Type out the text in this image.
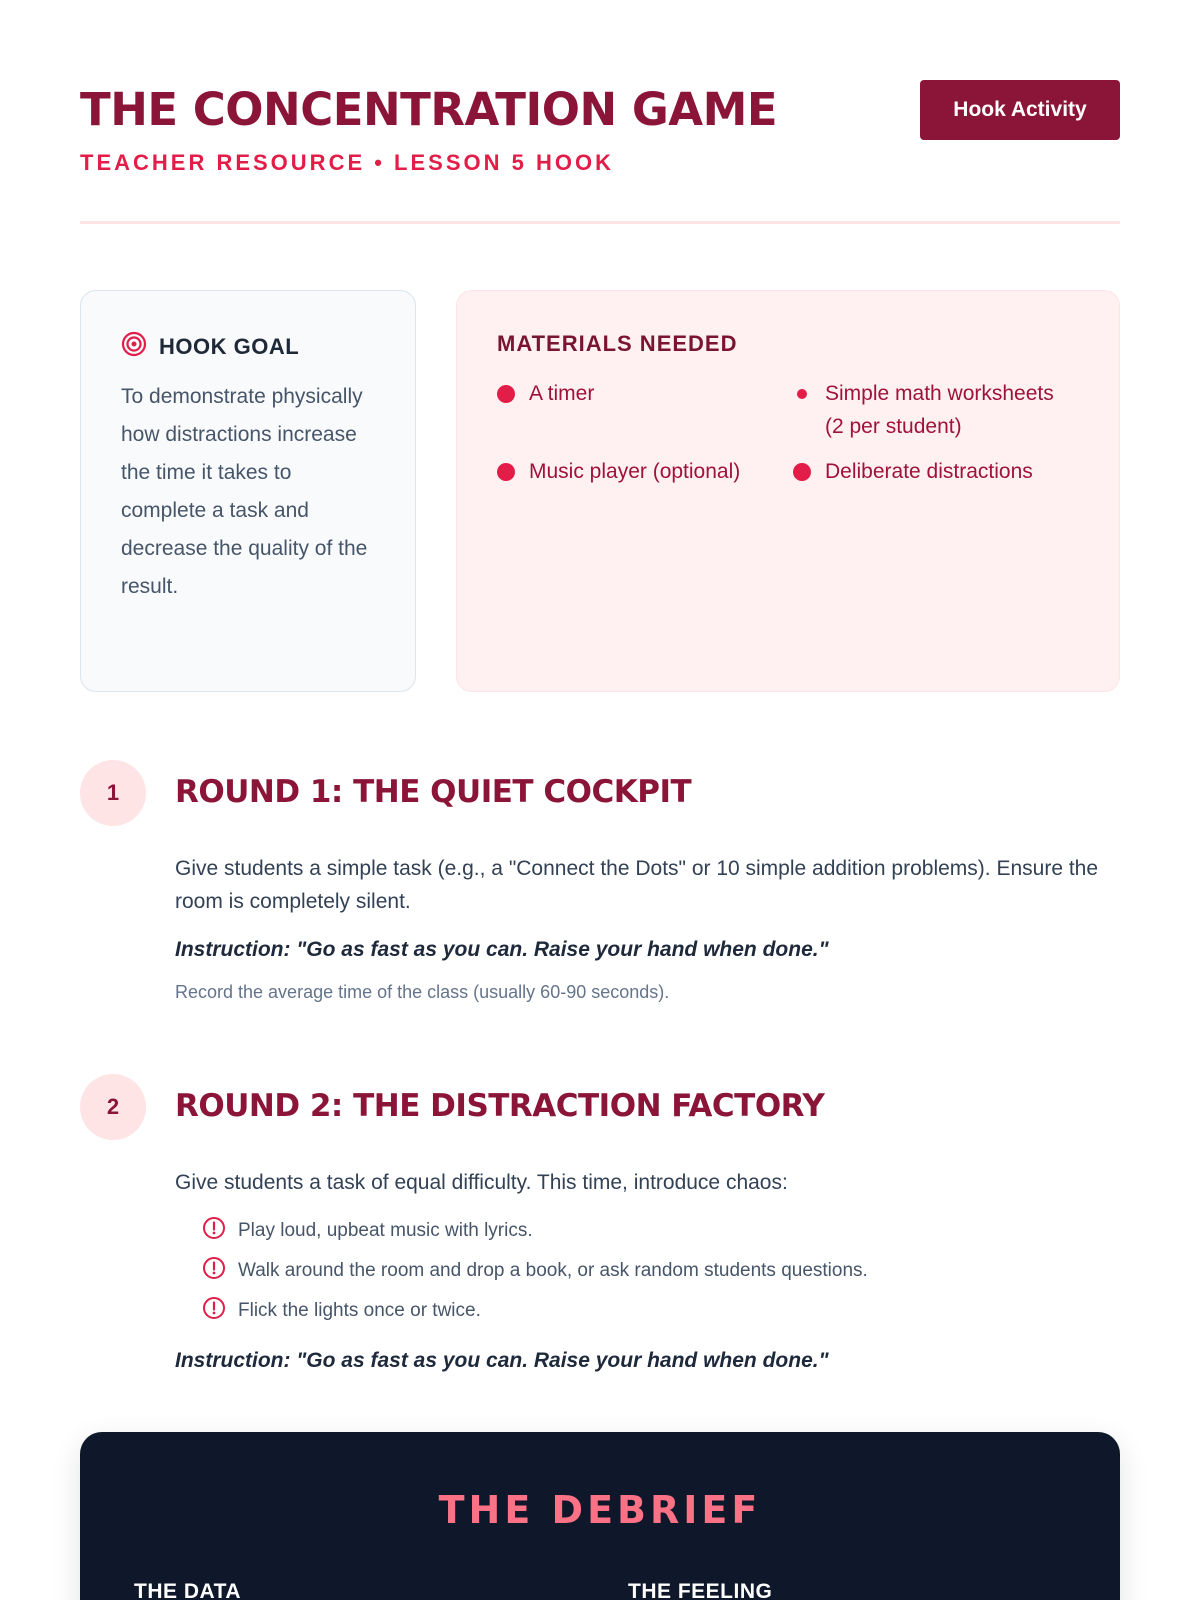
THE CONCENTRATION GAME
TEACHER RESOURCE • LESSON 5 HOOK
Hook Activity
HOOK GOAL

To demonstrate physically how distractions increase the time it takes to complete a task and decrease the quality of the result.

MATERIALS NEEDED
A timer	Simple math worksheets (2 per student)
Music player (optional)	Deliberate distractions
1	ROUND 1: THE QUIET COCKPIT

Give students a simple task (e.g., a "Connect the Dots" or 10 simple addition problems). Ensure the room is completely silent.

Instruction: "Go as fast as you can. Raise your hand when done."

Record the average time of the class (usually 60-90 seconds).

2	ROUND 2: THE DISTRACTION FACTORY

Give students a task of equal difficulty. This time, introduce chaos:

Play loud, upbeat music with lyrics.
Walk around the room and drop a book, or ask random students questions.
Flick the lights once or twice.

Instruction: "Go as fast as you can. Raise your hand when done."

THE DEBRIEF
THE DATA	THE FEELING
